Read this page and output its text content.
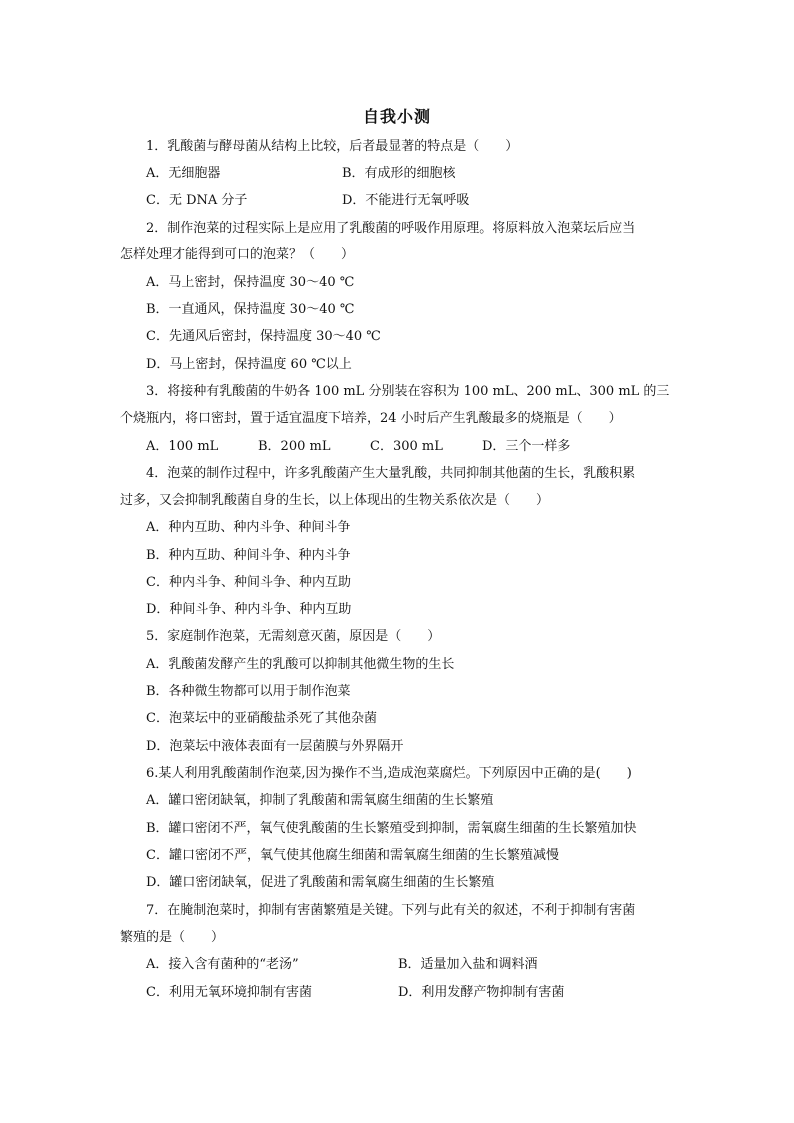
自我小测
1．乳酸菌与酵母菌从结构上比较，后者最显著的特点是（　　）
A．无细胞器	B．有成形的细胞核
C．无 DNA 分子	D．不能进行无氧呼吸
2．制作泡菜的过程实际上是应用了乳酸菌的呼吸作用原理。将原料放入泡菜坛后应当
怎样处理才能得到可口的泡菜？（　　）
A．马上密封，保持温度 30～40 ℃
B．一直通风，保持温度 30～40 ℃
C．先通风后密封，保持温度 30～40 ℃
D．马上密封，保持温度 60 ℃以上
3．将接种有乳酸菌的牛奶各 100 mL 分别装在容积为 100 mL、200 mL、300 mL 的三
个烧瓶内，将口密封，置于适宜温度下培养，24 小时后产生乳酸最多的烧瓶是（　　）
A．100 mL	B．200 mL	C．300 mL	D．三个一样多
4．泡菜的制作过程中，许多乳酸菌产生大量乳酸，共同抑制其他菌的生长，乳酸积累
过多，又会抑制乳酸菌自身的生长，以上体现出的生物关系依次是（　　）
A．种内互助、种内斗争、种间斗争
B．种内互助、种间斗争、种内斗争
C．种内斗争、种间斗争、种内互助
D．种间斗争、种内斗争、种内互助
5．家庭制作泡菜，无需刻意灭菌，原因是（　　）
A．乳酸菌发酵产生的乳酸可以抑制其他微生物的生长
B．各种微生物都可以用于制作泡菜
C．泡菜坛中的亚硝酸盐杀死了其他杂菌
D．泡菜坛中液体表面有一层菌膜与外界隔开
6.某人利用乳酸菌制作泡菜,因为操作不当,造成泡菜腐烂。下列原因中正确的是(　　)
A．罐口密闭缺氧，抑制了乳酸菌和需氧腐生细菌的生长繁殖
B．罐口密闭不严，氧气使乳酸菌的生长繁殖受到抑制，需氧腐生细菌的生长繁殖加快
C．罐口密闭不严，氧气使其他腐生细菌和需氧腐生细菌的生长繁殖减慢
D．罐口密闭缺氧，促进了乳酸菌和需氧腐生细菌的生长繁殖
7．在腌制泡菜时，抑制有害菌繁殖是关键。下列与此有关的叙述，不利于抑制有害菌
繁殖的是（　　）
A．接入含有菌种的“老汤”	B．适量加入盐和调料酒
C．利用无氧环境抑制有害菌	D．利用发酵产物抑制有害菌
